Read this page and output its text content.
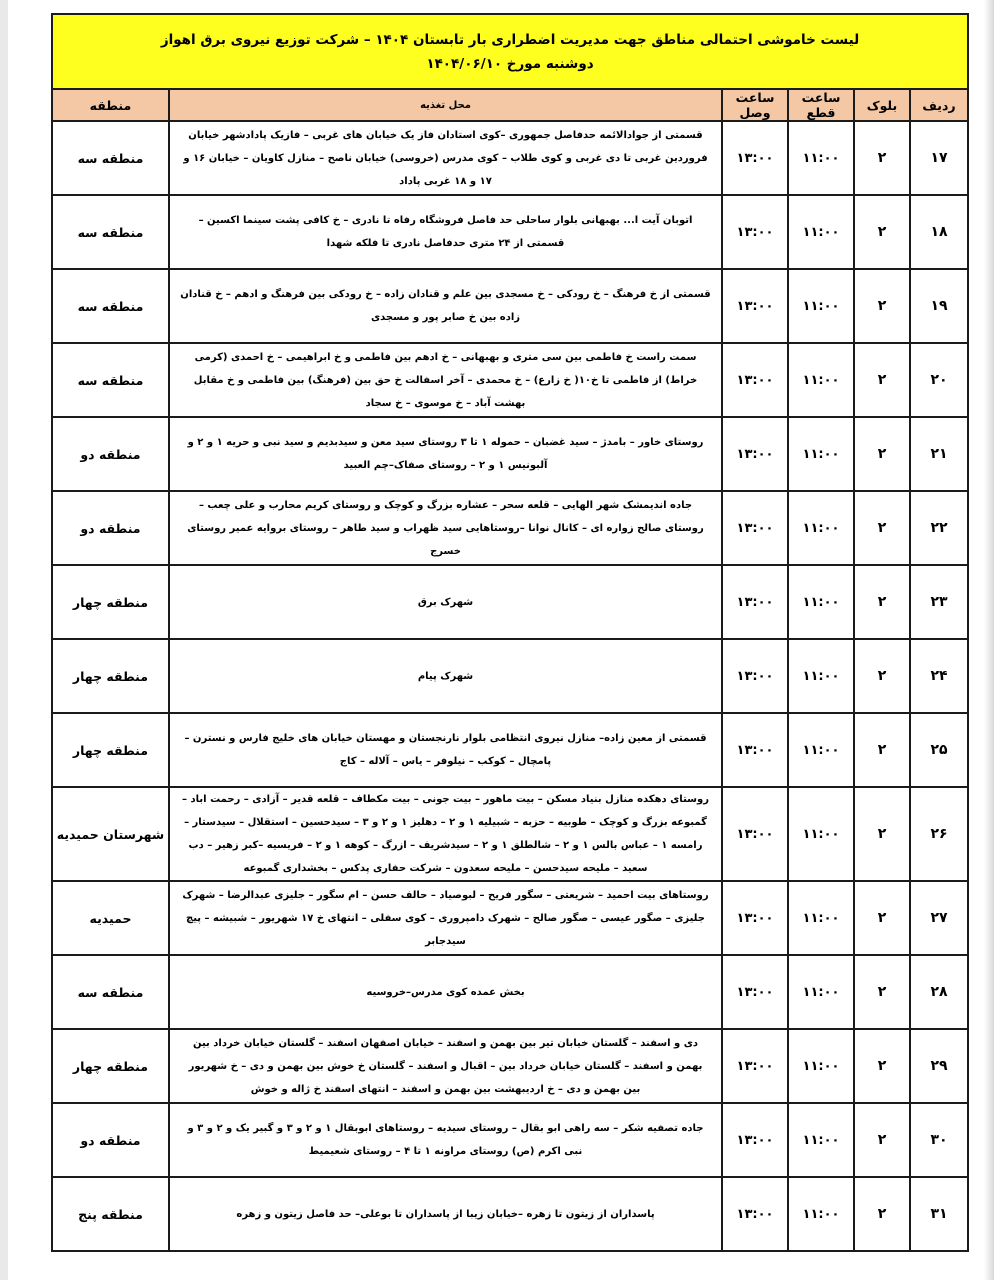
لیست خاموشی احتمالی مناطق جهت مدیریت اضطراری بار تابستان ۱۴۰۴ – شرکت توزیع نیروی برق اهواز
دوشنبه مورخ ۱۴۰۴/۰۶/۱۰					

ردیف	بلوک	ساعت قطع	ساعت وصل	محل تغذیه	منطقه
۱۷	۲	۱۱:۰۰	۱۳:۰۰	قسمتی از جوادالائمه حدفاصل جمهوری –کوی استادان فاز یک خیابان های غربی – فازیک پادادشهر خیابان فروردین غربی تا دی غربی و کوی طلاب – کوی مدرس (خروسی) خیابان ناصح – منازل کاویان – خیابان ۱۶ و ۱۷ و ۱۸ غربی پاداد	منطقه سه
۱۸	۲	۱۱:۰۰	۱۳:۰۰	اتوبان آیت ا... بهبهانی بلوار ساحلی حد فاصل فروشگاه رفاه تا نادری – خ کافی پشت سینما اکسین – قسمتی از ۲۴ متری حدفاصل نادری تا فلکه شهدا	منطقه سه
۱۹	۲	۱۱:۰۰	۱۳:۰۰	قسمتی از خ فرهنگ – خ رودکی – خ مسجدی بین علم و قنادان زاده – خ رودکی بین فرهنگ و ادهم – خ قنادان زاده بین خ صابر پور و مسجدی	منطقه سه
۲۰	۲	۱۱:۰۰	۱۳:۰۰	سمت راست خ فاطمی بین سی متری و بهبهانی – خ ادهم بین فاطمی و خ ابراهیمی – خ احمدی (کرمی خراط) از فاطمی تا خ۱۰( خ زارع) – خ محمدی – آخر اسفالت خ حق بین (فرهنگ) بین فاطمی و خ مقابل بهشت آباد – خ موسوی – خ سجاد	منطقه سه
۲۱	۲	۱۱:۰۰	۱۳:۰۰	روستای خاور – بامدژ – سید غضبان – حموله ۱ تا ۳ روستای سید معن و سیدبدیم و سید نبی و حریه ۱ و ۲ و آلبونیس ۱ و ۲ – روستای صفاک–چم العبید	منطقه دو
۲۲	۲	۱۱:۰۰	۱۳:۰۰	جاده اندیمشک شهر الهایی – قلعه سحر – عشاره بزرگ و کوچک و روستای کریم محارب و علی چعب – روستای صالح زواره ای – کانال نوانا –روستاهایی سید ظهراب و سید طاهر – روستای بروایه عمیر روستای خسرج	منطقه دو
۲۳	۲	۱۱:۰۰	۱۳:۰۰	شهرک برق	منطقه چهار
۲۴	۲	۱۱:۰۰	۱۳:۰۰	شهرک پیام	منطقه چهار
۲۵	۲	۱۱:۰۰	۱۳:۰۰	قسمتی از معین زاده– منازل نیروی انتظامی بلوار نارنجستان و مهستان خیابان های خلیج فارس و نسترن – پامچال – کوکب – نیلوفر – یاس – آلاله – کاج	منطقه چهار
۲۶	۲	۱۱:۰۰	۱۳:۰۰	روستای دهکده منازل بنیاد مسکن – بیت ماهور – بیت جونی – بیت مکطاف – قلعه قدیر – آزادی – رحمت اباد – گمبوعه بزرگ و کوچک – طوبیه – حزبه – شبیلیه ۱ و ۲ – دهلیز ۱ و ۲ و ۳ – سیدحسین – استقلال – سیدستار – رامسه ۱ – عباس بالس ۱ و ۲ – شالطلق ۱ و ۲ – سیدشریف – ازرگ – کوهه ۱ و ۲ – فریسیه –کبر زهیر – دب سعید – ملیحه سیدحسن – ملیحه سعدون – شرکت حفاری پدکس – بخشداری گمبوعه	شهرستان حمیدیه
۲۷	۲	۱۱:۰۰	۱۳:۰۰	روستاهای بیت احمید – شریعتی – سگور فریح – لبوصیاد – حالف حسن – ام سگور – جلیزی عبدالرضا – شهرک جلیزی – صگور عیسی – صگور صالح – شهرک دامپروری – کوی سفلی – انتهای خ ۱۷ شهریور – شبیشه – پیچ سیدجابر	حمیدیه
۲۸	۲	۱۱:۰۰	۱۳:۰۰	بخش عمده کوی مدرس–خروسیه	منطقه سه
۲۹	۲	۱۱:۰۰	۱۳:۰۰	دی و اسفند – گلستان خیابان تیر بین بهمن و اسفند – خیابان اصفهان اسفند – گلستان خیابان خرداد بین بهمن و اسفند – گلستان خیابان خرداد بین – اقبال و اسفند – گلستان خ خوش بین بهمن و دی – خ شهریور بین بهمن و دی – خ اردیبهشت بین بهمن و اسفند – انتهای اسفند خ ژاله و خوش	منطقه چهار
۳۰	۲	۱۱:۰۰	۱۳:۰۰	جاده تصفیه شکر – سه راهی ابو بقال – روستای سیدیه – روستاهای ابوبقال ۱ و ۲ و ۳ و گبیر یک و ۲ و ۳ و نبی اکرم (ص) روستای مراونه ۱ تا ۴ – روستای شعیمیط	منطقه دو
۳۱	۲	۱۱:۰۰	۱۳:۰۰	پاسداران از زیتون تا زهره –خیابان زیبا از پاسداران تا بوعلی– حد فاصل زیتون و زهره	منطقه پنج
